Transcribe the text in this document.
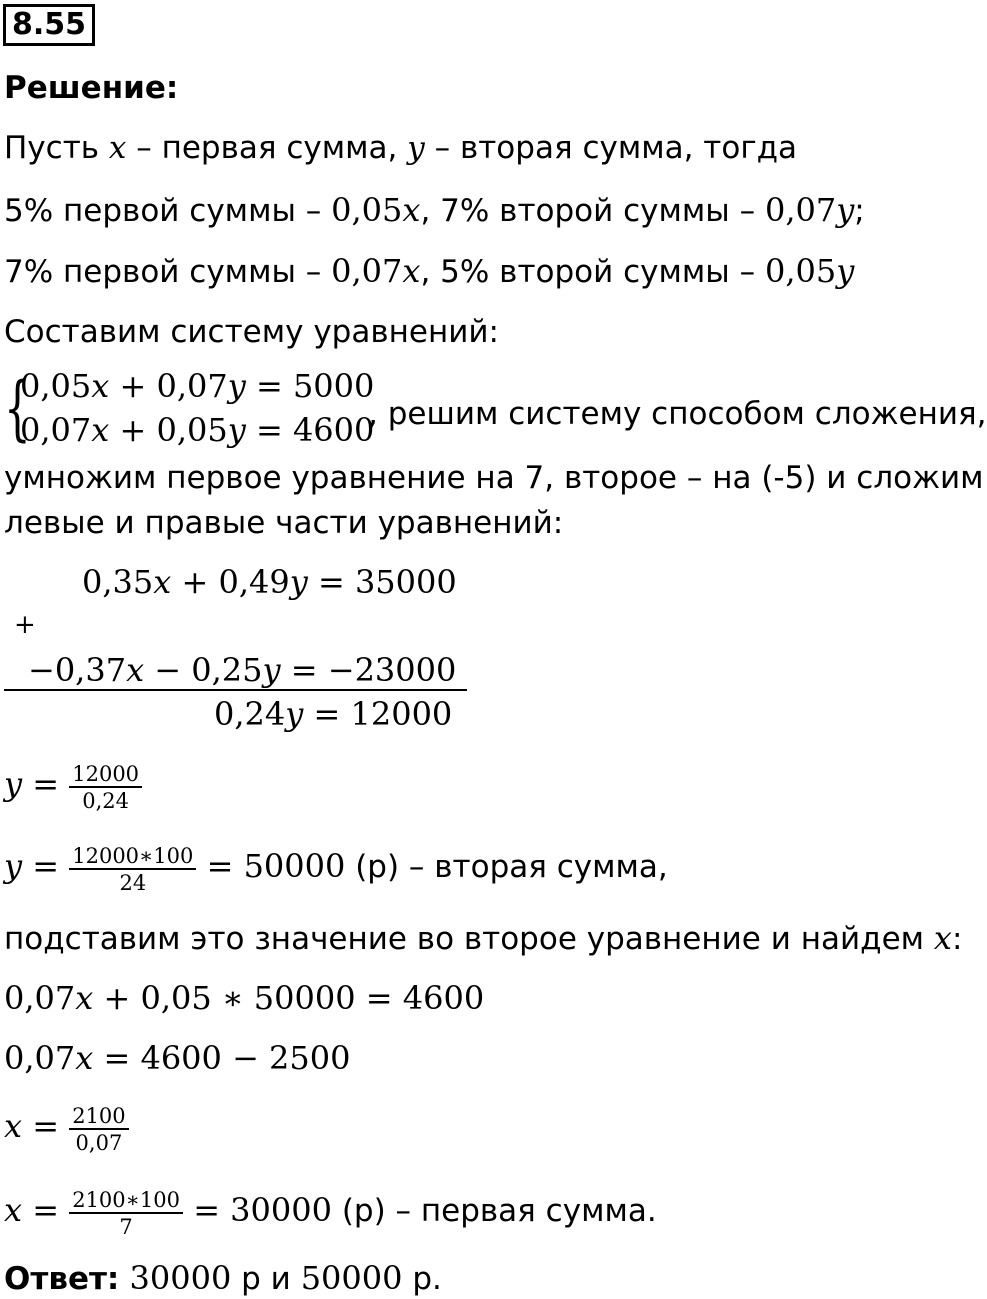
8.55
Решение:
Пусть x – первая сумма, y – вторая сумма, тогда
5% первой суммы – 0,05x, 7% второй суммы – 0,07y;
7% первой суммы – 0,07x, 5% второй суммы – 0,05y
Составим систему уравнений:
{
0,05x + 0,07y = 5000
0,07x + 0,05y = 4600
, решим систему способом сложения,
умножим первое уравнение на 7, второе – на (-5) и сложим
левые и правые части уравнений:
0,35x + 0,49y = 35000
+
−0,37x − 0,25y = −23000
0,24y = 12000
$y = \frac{12000}{0,24}$
$y = \frac{12000∗100}{24} = 50000$ (р) – вторая сумма,
подставим это значение во второе уравнение и найдем x:
0,07x + 0,05 ∗ 50000 = 4600
0,07x = 4600 − 2500
$x = \frac{2100}{0,07}$
$x = \frac{2100∗100}{7} = 30000$ (р) – первая сумма.
Ответ: 30000 р и 50000 р.
